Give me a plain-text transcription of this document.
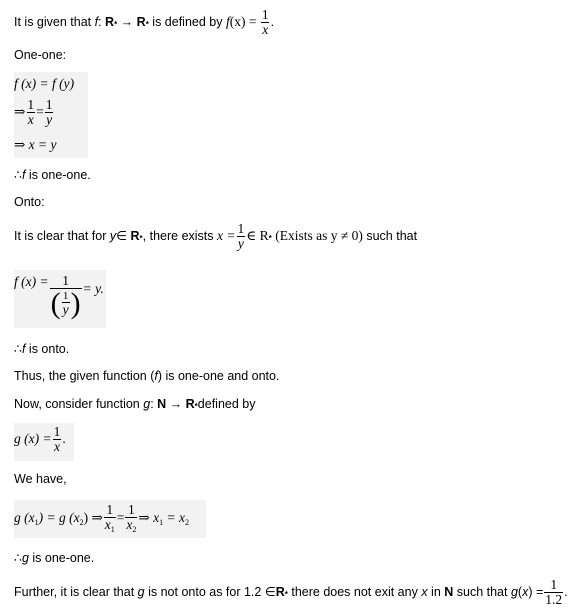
It is given that f: R* → R* is defined by $f(x) = \frac{1}{x}$ .
One-one:
f (x) = f (y)
⇒ $\frac{1}{x} = \frac{1}{y}$
⇒ x = y
∴f is one-one.
Onto:
It is clear that for y∈ R*, there exists $x = \frac{1}{y}$ ∈ R* (Exists as y ≠ 0) such that
f $(x) = \frac{1}{( \frac{1}{y} )} = y$.
∴f is onto.
Thus, the given function (f) is one-one and onto.
Now, consider function g: N → R*defined by
g $(x) = \frac{1}{x}$ .
We have,
g $(x_1) = g$ $(x_2)$ ⇒ $\frac{1}{x_1} = \frac{1}{x_2}$ ⇒ $x_1 = x_2$
∴g is one-one.
Further, it is clear that g is not onto as for 1.2 ∈R* there does not exit any x in N such that $g(x) = \frac{1}{1.2}$ .
